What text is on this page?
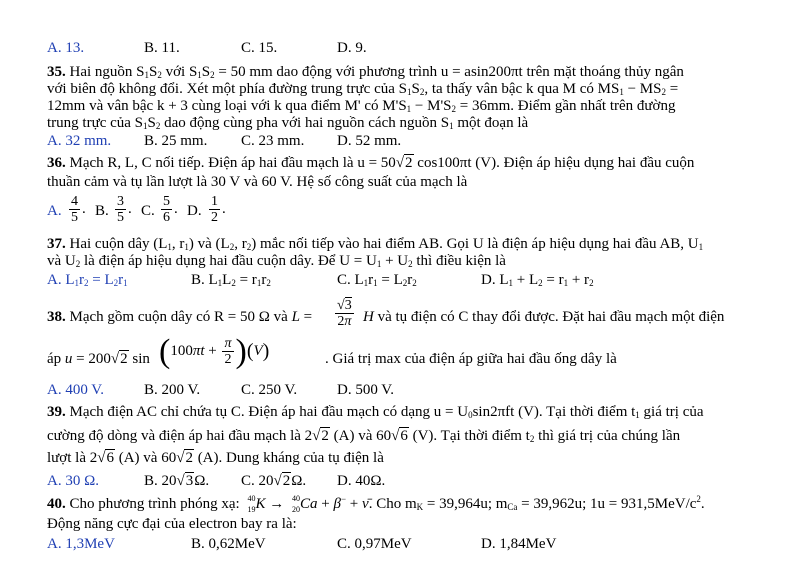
A. 13.	B. 11.	C. 15.	D. 9.
35. Hai nguồn $S_1S_2$ với $S_1S_2 = 50$ mm dao động với phương trình u = asin200πt trên mặt thoáng thủy ngân
với biên độ không đổi. Xét một phía đường trung trực của $S_1S_2$, ta thấy vân bậc k qua M có $MS_1 - MS_2$ =
12mm và vân bậc k + 3 cùng loại với k qua điểm M' có $M'S_1 - M'S_2 = 36mm$. Điểm gần nhất trên đường
trung trực của $S_1S_2$ dao động cùng pha với hai nguồn cách nguồn $S_1$ một đoạn là
A. 32 mm. B. 25 mm. C. 23 mm. D. 52 mm.
36. Mạch R, L, C nối tiếp. Điện áp hai đầu mạch là u = 50√2 cos100πt (V). Điện áp hiệu dụng hai đầu cuộn
thuần cảm và tụ lần lượt là 30 V và 60 V. Hệ số công suất của mạch là
A. $\frac{4}{5}$ . B. $\frac{3}{5}$ . C. $\frac{5}{6}$ . D. $\frac{1}{2}$ .
37. Hai cuộn dây ($L_1$, $r_1$) và ($L_2$, $r_2$) mắc nối tiếp vào hai điểm AB. Gọi U là điện áp hiệu dụng hai đầu AB, $U_1$
và $U_2$ là điện áp hiệu dụng hai đầu cuộn dây. Để $U = U_1 + U_2$ thì điều kiện là
A. $L_1r_2 = L_2r_1$	B. $L_1L_2 = r_1r_2$	C. $L_1r_1 = L_2r_2$	D. $L_1 + L_2 = r_1 + r_2$
38. Mạch gồm cuộn dây có R = 50 Ω và $L = \frac{√3}{2\pi}$ H và tụ điện có C thay đổi được. Đặt hai đầu mạch một điện
áp u = 200√2 $\sin (100\pi t + \frac{\pi}{2} )(V)$	. Giá trị max của điện áp giữa hai đầu ống dây là
A. 400 V.	B. 200 V.	C. 250 V.	D. 500 V.
39. Mạch điện AC chỉ chứa tụ C. Điện áp hai đầu mạch có dạng $u = U_0\sin 2\pi ft$ (V). Tại thời điểm $t_1$ giá trị của
cường độ dòng và điện áp hai đầu mạch là 2√2 (A) và 60√6 (V). Tại thời điểm $t_2$ thì giá trị của chúng lần
lượt là 2√6 (A) và 60√2 (A). Dung kháng của tụ điện là
A. 30 Ω.	B. 20√3Ω. C. 20√2Ω. D. 40Ω.
40. Cho phương trình phóng xạ: 40
19 K → 40
20 Ca + β− + ν̄. Cho $m_K = 39,964u$; $m_{Ca} = 39,962u$; $1u = 931,5MeV/c^2$.
Động năng cực đại của electron bay ra là:
A. 1,3MeV	B. 0,62MeV	C. 0,97MeV	D. 1,84MeV
